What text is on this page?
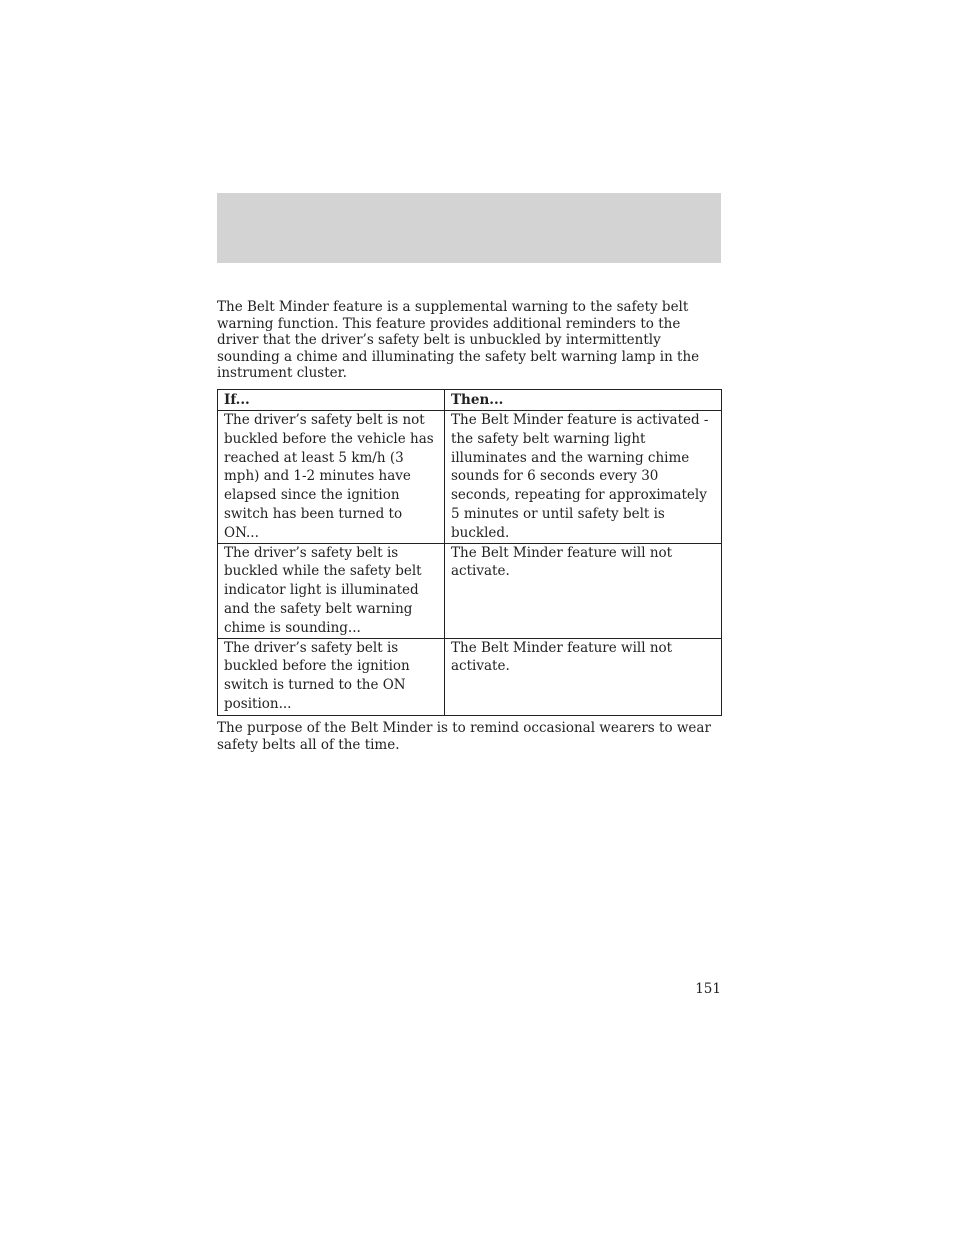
The Belt Minder feature is a supplemental warning to the safety belt warning function. This feature provides additional reminders to the driver that the driver’s safety belt is unbuckled by intermittently sounding a chime and illuminating the safety belt warning lamp in the instrument cluster.

If...	Then...
The driver’s safety belt is not buckled before the vehicle has reached at least 5 km/h (3 mph) and 1-2 minutes have elapsed since the ignition switch has been turned to ON...	The Belt Minder feature is activated - the safety belt warning light illuminates and the warning chime sounds for 6 seconds every 30 seconds, repeating for approximately 5 minutes or until safety belt is buckled.
The driver’s safety belt is buckled while the safety belt indicator light is illuminated and the safety belt warning chime is sounding...	The Belt Minder feature will not activate.
The driver’s safety belt is buckled before the ignition switch is turned to the ON position...	The Belt Minder feature will not activate.

The purpose of the Belt Minder is to remind occasional wearers to wear safety belts all of the time.

151
